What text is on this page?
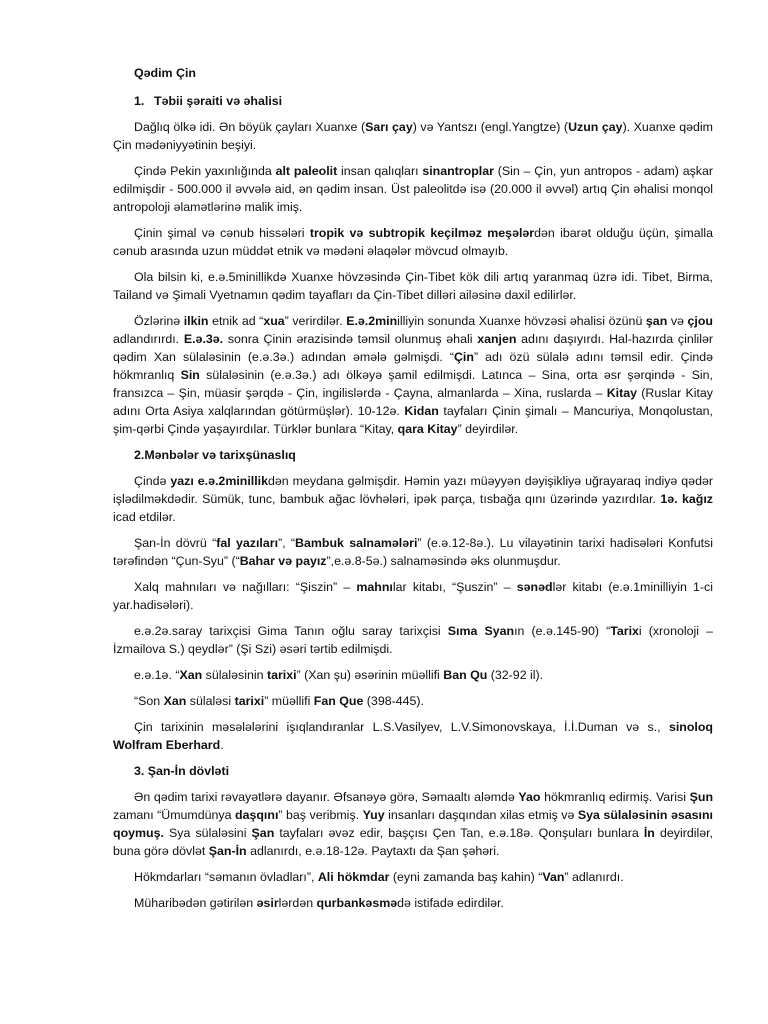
Qədim Çin
1. Təbii şəraiti və əhalisi

Dağlıq ölkə idi. Ən böyük çayları Xuanxe (Sarı çay) və Yantszı (engl.Yangtze) (Uzun çay). Xuanxe qədim Çin mədəniyyətinin beşiyi.

Çində Pekin yaxınlığında alt paleolit insan qalıqları sinantroplar (Sin – Çin, yun antropos - adam) aşkar edilmişdir - 500.000 il əvvələ aid, ən qədim insan. Üst paleolitdə isə (20.000 il əvvəl) artıq Çin əhalisi monqol antropoloji əlamətlərinə malik imiş.

Çinin şimal və cənub hissələri tropik və subtropik keçilməz meşələrdən ibarət olduğu üçün, şimalla cənub arasında uzun müddət etnik və mədəni əlaqələr mövcud olmayıb.

Ola bilsin ki, e.ə.5minillikdə Xuanxe hövzəsində Çin-Tibet kök dili artıq yaranmaq üzrə idi. Tibet, Birma, Tailand və Şimali Vyetnamın qədim tayafları da Çin-Tibet dilləri ailəsinə daxil edilirlər.

Özlərinə ilkin etnik ad “xua” verirdilər. E.ə.2minilliyin sonunda Xuanxe hövzəsi əhalisi özünü şan və çjou adlandırırdı. E.ə.3ə. sonra Çinin ərazisində təmsil olunmuş əhali xanjen adını daşıyırdı. Hal-hazırda çinlilər qədim Xan sülaləsinin (e.ə.3ə.) adından əmələ gəlmişdi. “Çin” adı özü sülalə adını təmsil edir. Çində hökmranlıq Sin sülaləsinin (e.ə.3ə.) adı ölkəyə şamil edilmişdi. Latınca – Sina, orta əsr şərqində - Sin, fransızca – Şin, müasir şərqdə - Çin, ingilislərdə - Çayna, almanlarda – Xina, ruslarda – Kitay (Ruslar Kitay adını Orta Asiya xalqlarından götürmüşlər). 10-12ə. Kidan tayfaları Çinin şimalı – Mancuriya, Monqolustan, şim-qərbi Çində yaşayırdılar. Türklər bunlara “Kitay, qara Kitay” deyirdilər.

2.Mənbələr və tarixşünaslıq

Çində yazı e.ə.2minillikdən meydana gəlmişdir. Həmin yazı müəyyən dəyişikliyə uğrayaraq indiyə qədər işlədilməkdədir. Sümük, tunc, bambuk ağac lövhələri, ipək parça, tısbağa qını üzərində yazırdılar. 1ə. kağız icad etdilər.

Şan-İn dövrü “fal yazıları”, “Bambuk salnamələri” (e.ə.12-8ə.). Lu vilayətinin tarixi hadisələri Konfutsi tərəfindən “Çun-Syu” (“Bahar və payız”,e.ə.8-5ə.) salnaməsində əks olunmuşdur.

Xalq mahnıları və nağılları: “Şiszin” – mahnılar kitabı, “Şuszin” – sənədlər kitabı (e.ə.1minilliyin 1-ci yar.hadisələri).

e.ə.2ə.saray tarixçisi Gima Tanın oğlu saray tarixçisi Sıma Syanın (e.ə.145-90) “Tarixi (xronoloji – İzmailova S.) qeydlər” (Şi Szi) əsəri tərtib edilmişdi.

e.ə.1ə. “Xan sülaləsinin tarixi” (Xan şu) əsərinin müəllifi Ban Qu (32-92 il).

“Son Xan sülaləsi tarixi” müəllifi Fan Que (398-445).

Çin tarixinin məsələlərini işıqlandıranlar L.S.Vasilyev, L.V.Simonovskaya, İ.İ.Duman və s., sinoloq Wolfram Eberhard.

3. Şan-İn dövləti

Ən qədim tarixi rəvayətlərə dayanır. Əfsanəyə görə, Səmaaltı aləmdə Yao hökmranlıq edirmiş. Varisi Şun zamanı “Ümumdünya daşqını” baş veribmiş. Yuy insanları daşqından xilas etmiş və Sya sülaləsinin əsasını qoymuş. Sya sülaləsini Şan tayfaları əvəz edir, başçısı Çen Tan, e.ə.18ə. Qonşuları bunlara İn deyirdilər, buna görə dövlət Şan-İn adlanırdı, e.ə.18-12ə. Paytaxtı da Şan şəhəri.

Hökmdarları “səmanın övladları”, Ali hökmdar (eyni zamanda baş kahin) “Van” adlanırdı.

Müharibədən gətirilən əsirlərdən qurbankəsmədə istifadə edirdilər.
